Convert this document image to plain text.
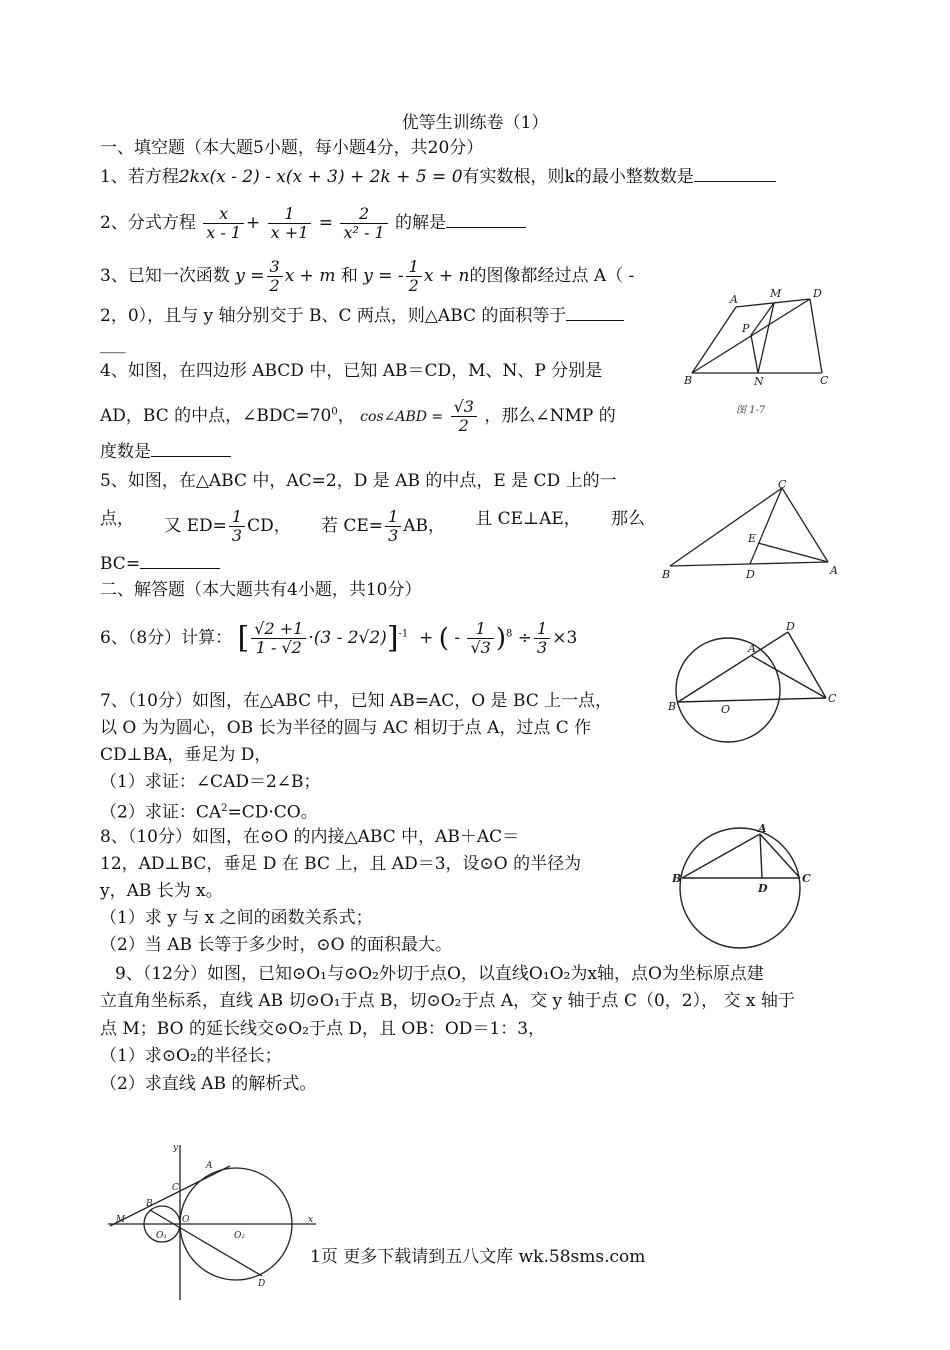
优等生训练卷（1）
一、填空题（本大题5小题，每小题4分，共20分）
1、若方程2kx(x - 2) - x(x + 3) + 2k + 5 = 0有实数根，则k的最小整数数是
2、分式方程 $\frac{x}{x - 1} + \frac{1}{x +1} = \frac{2}{\text{x² - 1}}$ 的解是
3、已知一次函数 $y = \frac{3}{2}$ x + m 和 y = - $\frac{1}{2}$ x + n的图像都经过点 A（ -
2，0），且与 y 轴分别交于 B、C 两点，则△ABC 的面积等于
___
4、如图，在四边形 ABCD 中，已知 AB＝CD，M、N、P 分别是
AD，BC 的中点，$\angle BDC=70^0$， cos∠ABD = $\frac{√3}{2}$ ，那么∠NMP 的
度数是
5、如图，在△ABC 中，AC=2，D 是 AB 的中点，E 是 CD 上的一
点， 又 $ED= \frac{1}{3}$ CD， 若 $CE= \frac{1}{3}$ AB， 且 CE⊥AE， 那么
BC=
二、解答题（本大题共有4小题，共10分）
6、（8分）计算： [ $\frac{√2 +1}{1 - √2} \cdot(3 - 2√2)]^{-1}$  + ( - $\frac{1}{√3} )^8 \div \frac{1}{3} \times 3$
7、（10分）如图，在△ABC 中，已知 AB=AC，O 是 BC 上一点，
以 O 为为圆心，OB 长为半径的圆与 AC 相切于点 A，过点 C 作
CD⊥BA，垂足为 D，
（1）求证：∠CAD＝2∠B；
（2）求证：$CA^2=CD\cdot CO$。
8、（10分）如图，在⊙O 的内接△ABC 中，AB＋AC＝
12，AD⊥BC，垂足 D 在 BC 上，且 AD＝3，设⊙O 的半径为
y，AB 长为 x。
（1）求 y 与 x 之间的函数关系式；
（2）当 AB 长等于多少时，⊙O 的面积最大。
9、（12分）如图，已知⊙O₁与⊙O₂外切于点O，以直线O₁O₂为x轴，点O为坐标原点建
立直角坐标系，直线 AB 切⊙O₁于点 B，切⊙O₂于点 A，交 y 轴于点 C（0，2）， 交 x 轴于
点 M；BO 的延长线交⊙O₂于点 D，且 OB：OD＝1：3，
（1）求⊙O₂的半径长；
（2）求直线 AB 的解析式。
A	M	D
P
B	N	C
图 1-7
C
E
B	D	A
A
D
B	O
C
A
B
D
C
y
x
M
B
C
A
O
O₁	O₂
D
1页 更多下载请到五八文库 wk.58sms.com
